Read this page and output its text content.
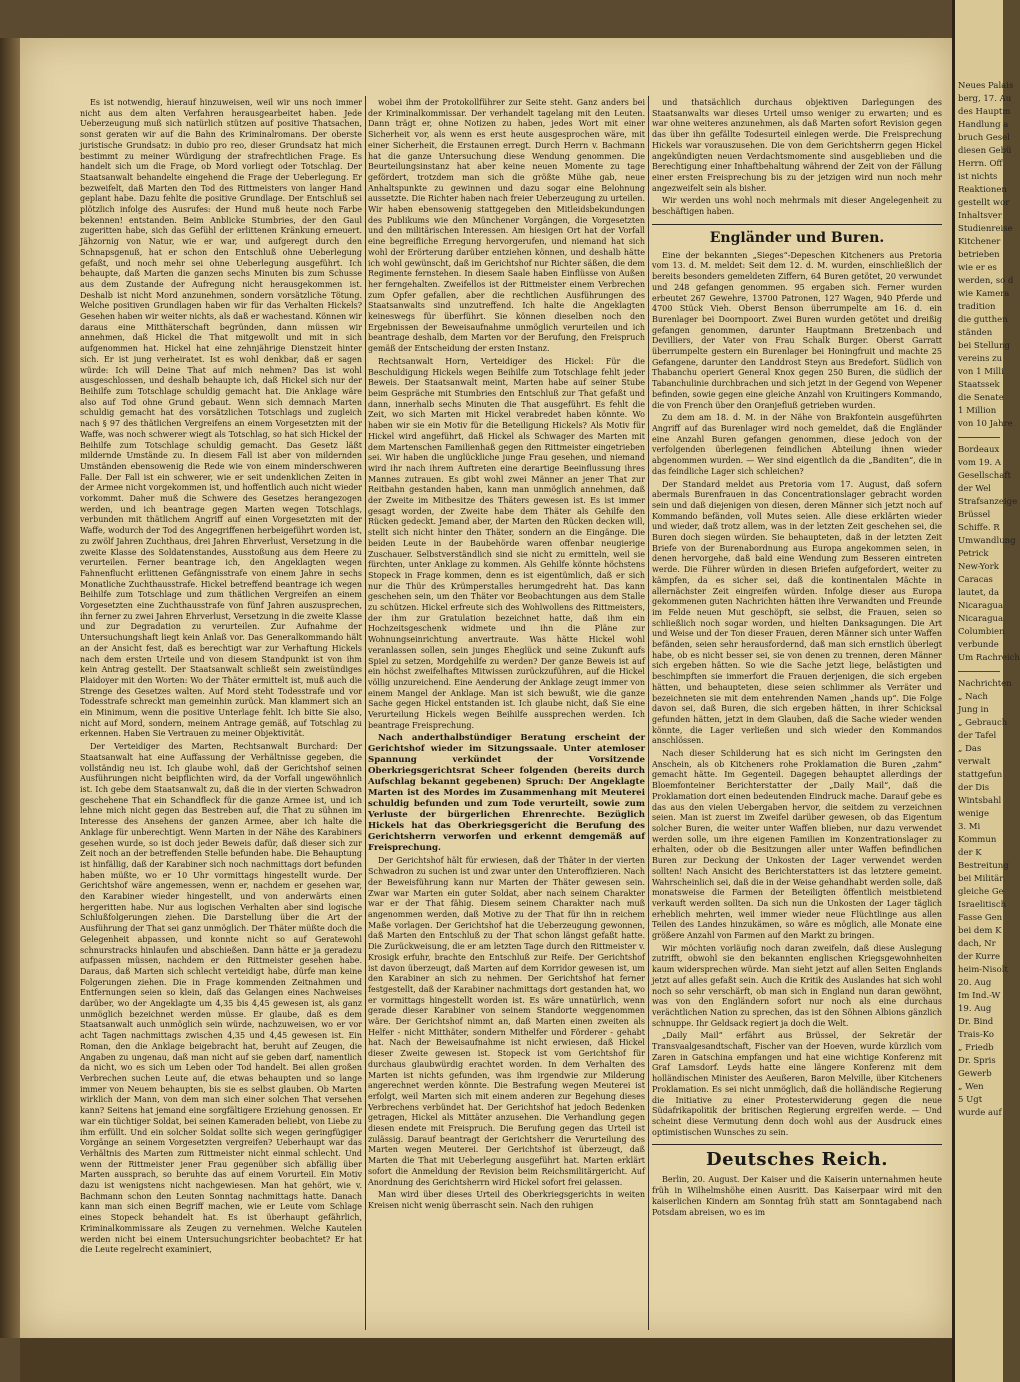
Es ist notwendig, hierauf hinzuweisen, weil wir uns noch immer nicht aus dem alten Verfahren herausgearbeitet haben. Jede Ueberzeugung muß sich natürlich stützen auf positive Thatsachen, sonst geraten wir auf die Bahn des Kriminalromans. Der oberste juristische Grundsatz: in dubio pro reo, dieser Grundsatz hat mich bestimmt zu meiner Würdigung der strafrechtlichen Frage. Es handelt sich um die Frage, ob Mord vorliegt oder Totschlag. Der Staatsanwalt behandelte eingehend die Frage der Ueberlegung. Er bezweifelt, daß Marten den Tod des Rittmeisters von langer Hand geplant habe. Dazu fehlte die positive Grundlage. Der Entschluß sei plötzlich infolge des Ausrufes: der Hund muß heute noch Farbe bekennen! entstanden. Beim Anblicke Stumbries, der den Gaul zugeritten habe, sich das Gefühl der erlittenen Kränkung erneuert. Jähzornig von Natur, wie er war, und aufgeregt durch den Schnapsgenuß, hat er schon den Entschluß ohne Ueberlegung gefaßt, und noch mehr sei ohne Ueberlegung ausgeführt. Ich behaupte, daß Marten die ganzen sechs Minuten bis zum Schusse aus dem Zustande der Aufregung nicht herausgekommen ist. Deshalb ist nicht Mord anzunehmen, sondern vorsätzliche Tötung. Welche positiven Grundlagen haben wir für das Verhalten Hickels? Gesehen haben wir weiter nichts, als daß er wachestand. Können wir daraus eine Mitthäterschaft begründen, dann müssen wir annehmen, daß Hickel die That mitgewollt und mit in sich aufgenommen hat. Hickel hat eine zehnjährige Dienstzeit hinter sich. Er ist jung verheiratet. Ist es wohl denkbar, daß er sagen würde: Ich will Deine That auf mich nehmen? Das ist wohl ausgeschlossen, und deshalb behaupte ich, daß Hickel sich nur der Beihilfe zum Totschlage schuldig gemacht hat. Die Anklage wäre also auf Tod ohne Grund gebaut. Wenn sich demnach Marten schuldig gemacht hat des vorsätzlichen Totschlags und zugleich nach § 97 des thätlichen Vergreifens an einem Vorgesetzten mit der Waffe, was noch schwerer wiegt als Totschlag, so hat sich Hickel der Beihilfe zum Totschlage schuldig gemacht. Das Gesetz läßt mildernde Umstände zu. In diesem Fall ist aber von mildernden Umständen ebensowenig die Rede wie von einem minderschweren Falle. Der Fall ist ein schwerer, wie er seit undenklichen Zeiten in der Armee nicht vorgekommen ist, und hoffentlich auch nicht wieder vorkommt. Daher muß die Schwere des Gesetzes herangezogen werden, und ich beantrage gegen Marten wegen Totschlags, verbunden mit thätlichem Angriff auf einen Vorgesetzten mit der Waffe, wodurch der Tod des Angegriffenen herbeigeführt worden ist, zu zwölf Jahren Zuchthaus, drei Jahren Ehrverlust, Versetzung in die zweite Klasse des Soldatenstandes, Ausstoßung aus dem Heere zu verurteilen. Ferner beantrage ich, den Angeklagten wegen Fahnenflucht erlittenen Gefängnisstrafe von einem Jahre in sechs Monatliche Zuchthausstrafe. Hickel betreffend beantrage ich wegen Beihilfe zum Totschlage und zum thätlichen Vergreifen an einem Vorgesetzten eine Zuchthausstrafe von fünf Jahren auszusprechen, ihn ferner zu zwei Jahren Ehrverlust, Versetzung in die zweite Klasse und zur Degradation zu verurteilen. Zur Aufnahme der Untersuchungshaft liegt kein Anlaß vor. Das Generalkommando hält an der Ansicht fest, daß es berechtigt war zur Verhaftung Hickels nach dem ersten Urteile und von diesem Standpunkt ist von ihm kein Antrag gestellt. Der Staatsanwalt schließt sein zweistündiges Plaidoyer mit den Worten: Wo der Thäter ermittelt ist, muß auch die Strenge des Gesetzes walten. Auf Mord steht Todesstrafe und vor Todesstrafe schreckt man gemeinhin zurück. Man klammert sich an ein Minimum, wenn die positive Unterlage fehlt. Ich bitte Sie also, nicht auf Mord, sondern, meinem Antrage gemäß, auf Totschlag zu erkennen. Haben Sie Vertrauen zu meiner Objektivität.

Der Verteidiger des Marten, Rechtsanwalt Burchard: Der Staatsanwalt hat eine Auffassung der Verhältnisse gegeben, die vollständig neu ist. Ich glaube wohl, daß der Gerichtshof seinen Ausführungen nicht beipflichten wird, da der Vorfall ungewöhnlich ist. Ich gebe dem Staatsanwalt zu, daß die in der vierten Schwadron geschehene That ein Schandfleck für die ganze Armee ist, und ich lehne mich nicht gegen das Bestreben auf, die That zu sühnen im Interesse des Ansehens der ganzen Armee, aber ich halte die Anklage für unberechtigt. Wenn Marten in der Nähe des Karabiners gesehen wurde, so ist doch jeder Beweis dafür, daß dieser sich zur Zeit noch an der betreffenden Stelle befunden habe. Die Behauptung ist hinfällig, daß der Karabiner sich noch nachmittags dort befunden haben müßte, wo er 10 Uhr vormittags hingestellt wurde. Der Gerichtshof wäre angemessen, wenn er, nachdem er gesehen war, den Karabiner wieder hingestellt, und von anderwärts einen hergeritten habe. Nur aus logischen Verhalten aber sind logische Schlußfolgerungen ziehen. Die Darstellung über die Art der Ausführung der That sei ganz unmöglich. Der Thäter müßte doch die Gelegenheit abpassen, und konnte nicht so auf Geratewohl schnurstracks hinlaufen und abschießen. Dann hätte er ja geradezu aufpassen müssen, nachdem er den Rittmeister gesehen habe. Daraus, daß Marten sich schlecht verteidigt habe, dürfe man keine Folgerungen ziehen. Die in Frage kommenden Zeitnahmen und Entfernungen seien so klein, daß das Gelangen eines Nachweises darüber, wo der Angeklagte um 4,35 bis 4,45 gewesen ist, als ganz unmöglich bezeichnet werden müsse. Er glaube, daß es dem Staatsanwalt auch unmöglich sein würde, nachzuweisen, wo er vor acht Tagen nachmittags zwischen 4,35 und 4,45 gewesen ist. Ein Roman, den die Anklage beigebracht hat, beruht auf Zeugen, die Angaben zu ungenau, daß man nicht auf sie geben darf, namentlich da nicht, wo es sich um Leben oder Tod handelt. Bei allen großen Verbrechen suchen Leute auf, die etwas behaupten und so lange immer von Neuem behaupten, bis sie es selbst glauben. Ob Marten wirklich der Mann, von dem man sich einer solchen That versehen kann? Seitens hat jemand eine sorgfältigere Erziehung genossen. Er war ein tüchtiger Soldat, bei seinen Kameraden beliebt, von Liebe zu ihm erfüllt. Und ein solcher Soldat sollte sich wegen geringfügiger Vorgänge an seinem Vorgesetzten vergreifen? Ueberhaupt war das Verhältnis des Marten zum Rittmeister nicht einmal schlecht. Und wenn der Rittmeister jener Frau gegenüber sich abfällig über Marten aussprach, so beruhte das auf einem Vorurteil. Ein Motiv dazu ist wenigstens nicht nachgewiesen. Man hat gehört, wie v. Bachmann schon den Leuten Sonntag nachmittags hatte. Danach kann man sich einen Begriff machen, wie er Leute vom Schlage eines Stopeck behandelt hat. Es ist überhaupt gefährlich, Kriminalkommissare als Zeugen zu vernehmen. Welche Kautelen werden nicht bei einem Untersuchungsrichter beobachtet? Er hat die Leute regelrecht examiniert,

wobei ihm der Protokollführer zur Seite steht. Ganz anders bei der Kriminalkommissar. Der verhandelt tagelang mit den Leuten. Dann trägt er, ohne Notizen zu haben, jedes Wort mit einer Sicherheit vor, als wenn es erst heute ausgesprochen wäre, mit einer Sicherheit, die Erstaunen erregt. Durch Herrn v. Bachmann hat die ganze Untersuchung diese Wendung genommen. Die Beurteilungsinstanz hat aber keine neuen Momente zu tage gefördert, trotzdem man sich die größte Mühe gab, neue Anhaltspunkte zu gewinnen und dazu sogar eine Belohnung aussetzte. Die Richter haben nach freier Ueberzeugung zu urteilen. Wir haben ebensowenig stattgegeben den Mitleidsbekundungen des Publikums wie den Münchener Vorgängen, die Vorgesetzten und den militärischen Interessen. Am hiesigen Ort hat der Vorfall eine begreifliche Erregung hervorgerufen, und niemand hat sich wohl der Erörterung darüber entziehen können, und deshalb hätte ich wohl gewünscht, daß im Gerichtshof nur Richter säßen, die dem Regimente fernstehen. In diesem Saale haben Einflüsse von Außen her ferngehalten. Zweifellos ist der Rittmeister einem Verbrechen zum Opfer gefallen, aber die rechtlichen Ausführungen des Staatsanwalts sind unzutreffend. Ich halte die Angeklagten keineswegs für überführt. Sie können dieselben noch den Ergebnissen der Beweisaufnahme unmöglich verurteilen und ich beantrage deshalb, dem Marten vor der Berufung, den Freispruch gemäß der Entscheidung der ersten Instanz.

Rechtsanwalt Horn, Verteidiger des Hickel: Für die Beschuldigung Hickels wegen Beihilfe zum Totschlage fehlt jeder Beweis. Der Staatsanwalt meint, Marten habe auf seiner Stube beim Gespräche mit Stumbries den Entschluß zur That gefaßt und dann, innerhalb sechs Minuten die That ausgeführt. Es fehlt die Zeit, wo sich Marten mit Hickel verabredet haben könnte. Wo haben wir sie ein Motiv für die Beteiligung Hickels? Als Motiv für Hickel wird angeführt, daß Hickel als Schwager des Marten mit dem Martenschen Familienhaß gegen den Rittmeister eingetrieben sei. Wir haben die unglückliche junge Frau gesehen, und niemand wird ihr nach ihrem Auftreten eine derartige Beeinflussung ihres Mannes zutrauen. Es gibt wohl zwei Männer an jener That zur Reitbahn gestanden haben, kann man unmöglich annehmen, daß der Zweite im Mitbesitze des Thäters gewesen ist. Es ist immer gesagt worden, der Zweite habe dem Thäter als Gehilfe den Rücken gedeckt. Jemand aber, der Marten den Rücken decken will, stellt sich nicht hinter den Thäter, sondern an die Eingänge. Die beiden Leute in der Baubehörde waren offenbar neugierige Zuschauer. Selbstverständlich sind sie nicht zu ermitteln, weil sie fürchten, unter Anklage zu kommen. Als Gehilfe könnte höchstens Stopeck in Frage kommen, denn es ist eigentümlich, daß er sich nur die Thür des Krümperstalles herumgedreht hat. Das kann geschehen sein, um den Thäter vor Beobachtungen aus dem Stalle zu schützen. Hickel erfreute sich des Wohlwollens des Rittmeisters, der ihm zur Gratulation bezeichnet hatte, daß ihm ein Hochzeitsgeschenk widmete und ihn die Pläne zur Wohnungseinrichtung anvertraute. Was hätte Hickel wohl veranlassen sollen, sein junges Eheglück und seine Zukunft aufs Spiel zu setzen, Mordgehilfe zu werden? Der ganze Beweis ist auf ein höchst zweifelhaftes Mitwissen zurückzuführen, auf die Hickel völlig unzureichend. Eine Aenderung der Anklage zeugt immer von einem Mangel der Anklage. Man ist sich bewußt, wie die ganze Sache gegen Hickel entstanden ist. Ich glaube nicht, daß Sie eine Verurteilung Hickels wegen Beihilfe aussprechen werden. Ich beantrage Freisprechung.

Nach anderthalbstündiger Beratung erscheint der Gerichtshof wieder im Sitzungssaale. Unter atemloser Spannung verkündet der Vorsitzende Oberkriegsgerichtsrat Scheer folgenden (bereits durch Aufschlag bekannt gegebenen) Spruch: Der Angeklagte Marten ist des Mordes im Zusammenhang mit Meuterei schuldig befunden und zum Tode verurteilt, sowie zum Verluste der bürgerlichen Ehrenrechte. Bezüglich Hickels hat das Oberkriegsgericht die Berufung des Gerichtsherrn verworfen und erkennt demgemäß auf Freisprechung.

Der Gerichtshof hält für erwiesen, daß der Thäter in der vierten Schwadron zu suchen ist und zwar unter den Unteroffizieren. Nach der Beweisführung kann nur Marten der Thäter gewesen sein. Zwar war Marten ein guter Soldat, aber nach seinem Charakter war er der That fähig. Diesem seinem Charakter nach muß angenommen werden, daß Motive zu der That für ihn in reichem Maße vorlagen. Der Gerichtshof hat die Ueberzeugung gewonnen, daß Marten den Entschluß zu der That schon längst gefaßt hatte. Die Zurückweisung, die er am letzten Tage durch den Rittmeister v. Krosigk erfuhr, brachte den Entschluß zur Reife. Der Gerichtshof ist davon überzeugt, daß Marten auf dem Korridor gewesen ist, um den Karabiner an sich zu nehmen. Der Gerichtshof hat ferner festgestellt, daß der Karabiner nachmittags dort gestanden hat, wo er vormittags hingestellt worden ist. Es wäre unnatürlich, wenn gerade dieser Karabiner von seinem Standorte weggenommen wäre. Der Gerichtshof nimmt an, daß Marten einen zweiten als Helfer - nicht Mitthäter, sondern Mithelfer und Förderer - gehabt hat. Nach der Beweisaufnahme ist nicht erwiesen, daß Hickel dieser Zweite gewesen ist. Stopeck ist vom Gerichtshof für durchaus glaubwürdig erachtet worden. In dem Verhalten des Marten ist nichts gefunden, was ihm irgendwie zur Milderung angerechnet werden könnte. Die Bestrafung wegen Meuterei ist erfolgt, weil Marten sich mit einem anderen zur Begehung dieses Verbrechens verbündet hat. Der Gerichtshof hat jedoch Bedenken getragen, Hickel als Mittäter anzusehen. Die Verhandlung gegen diesen endete mit Freispruch. Die Berufung gegen das Urteil ist zulässig. Darauf beantragt der Gerichtsherr die Verurteilung des Marten wegen Meuterei. Der Gerichtshof ist überzeugt, daß Marten die That mit Ueberlegung ausgeführt hat. Marten erklärt sofort die Anmeldung der Revision beim Reichsmilitärgericht. Auf Anordnung des Gerichtsherrn wird Hickel sofort frei gelassen.

Man wird über dieses Urteil des Oberkriegsgerichts in weiten Kreisen nicht wenig überrascht sein. Nach den ruhigen

und thatsächlich durchaus objektiven Darlegungen des Staatsanwalts war dieses Urteil umso weniger zu erwarten; und es war ohne weiteres anzunehmen, als daß Marten sofort Revision gegen das über ihn gefällte Todesurteil einlegen werde. Die Freisprechung Hickels war vorauszusehen. Die von dem Gerichtsherrn gegen Hickel angekündigten neuen Verdachtsmomente sind ausgeblieben und die Berechtigung einer Inhaftbehaltung während der Zeit von der Fällung einer ersten Freisprechung bis zu der jetzigen wird nun noch mehr angezweifelt sein als bisher.

Wir werden uns wohl noch mehrmals mit dieser Angelegenheit zu beschäftigen haben.

Engländer und Buren.

Eine der bekannten „Sieges“-Depeschen Kitcheners aus Pretoria vom 13. d. M. meldet: Seit dem 12. d. M. wurden, einschließlich der bereits besonders gemeldeten Ziffern, 64 Buren getötet, 20 verwundet und 248 gefangen genommen. 95 ergaben sich. Ferner wurden erbeutet 267 Gewehre, 13700 Patronen, 127 Wagen, 940 Pferde und 4700 Stück Vieh. Oberst Benson überrumpelte am 16. d. ein Burenlager bei Doornpoort. Zwei Buren wurden getötet und dreißig gefangen genommen, darunter Hauptmann Bretzenbach und Devilliers, der Vater von Frau Schalk Burger. Oberst Garratt überrumpelte gestern ein Burenlager bei Honingfruit und machte 25 Gefangene, darunter den Landdrost Steyn aus Bredefort. Südlich von Thabanchu operiert General Knox gegen 250 Buren, die südlich der Tabanchulinie durchbrachen und sich jetzt in der Gegend von Wepener befinden, sowie gegen eine gleiche Anzahl von Kruitingers Kommando, die von French über den Oranjefluß getrieben wurden.

Zu dem am 18. d. M. in der Nähe von Brakfontein ausgeführten Angriff auf das Burenlager wird noch gemeldet, daß die Engländer eine Anzahl Buren gefangen genommen, diese jedoch von der verfolgenden überlegenen feindlichen Abteilung ihnen wieder abgenommen wurden. — Wer sind eigentlich da die „Banditen“, die in das feindliche Lager sich schleichen?

Der Standard meldet aus Pretoria vom 17. August, daß sofern abermals Burenfrauen in das Concentrationslager gebracht worden sein und daß diejenigen von diesen, deren Männer sich jetzt noch auf Kommando befänden, voll Mutes seien. Alle diese erklärten wieder und wieder, daß trotz allem, was in der letzten Zeit geschehen sei, die Buren doch siegen würden. Sie behaupteten, daß in der letzten Zeit Briefe von der Burenabordnung aus Europa angekommen seien, in denen hervorgehe, daß bald eine Wendung zum Besseren eintreten werde. Die Führer würden in diesen Briefen aufgefordert, weiter zu kämpfen, da es sicher sei, daß die kontinentalen Mächte in allernächster Zeit eingreifen würden. Infolge dieser aus Europa gekommenen guten Nachrichten hätten ihre Verwandten und Freunde im Felde neuen Mut geschöpft, sie selbst, die Frauen, seien so schließlich noch sogar worden, und hielten Danksagungen. Die Art und Weise und der Ton dieser Frauen, deren Männer sich unter Waffen befänden, seien sehr herausfordernd, daß man sich ernstlich überlegt habe, ob es nicht besser sei, sie von denen zu trennen, deren Männer sich ergeben hätten. So wie die Sache jetzt liege, belästigten und beschimpften sie immerfort die Frauen derjenigen, die sich ergeben hätten, und behaupteten, diese seien schlimmer als Verräter und bezeichneten sie mit dem entehrenden Namen „hands up“. Die Folge davon sei, daß Buren, die sich ergeben hätten, in ihrer Schicksal gefunden hätten, jetzt in dem Glauben, daß die Sache wieder wenden könnte, die Lager verließen und sich wieder den Kommandos anschlössen.

Nach dieser Schilderung hat es sich nicht im Geringsten den Anschein, als ob Kitcheners rohe Proklamation die Buren „zahm“ gemacht hätte. Im Gegenteil. Dagegen behauptet allerdings der Bloemfonteiner Berichterstatter der „Daily Mail“, daß die Proklamation dort einen bedeutenden Eindruck mache. Darauf gebe es das aus den vielen Uebergaben hervor, die seitdem zu verzeichnen seien. Man ist zuerst im Zweifel darüber gewesen, ob das Eigentum solcher Buren, die weiter unter Waffen blieben, nur dazu verwendet werden solle, um ihre eigenen Familien im Konzentrationslager zu erhalten, oder ob die Besitzungen aller unter Waffen befindlichen Buren zur Deckung der Unkosten der Lager verwendet werden sollten! Nach Ansicht des Berichterstatters ist das letztere gemeint. Wahrscheinlich sei, daß die in der Weise gehandhabt werden solle, daß monatsweise die Farmen der Beteiligten öffentlich meistbietend verkauft werden sollten. Da sich nun die Unkosten der Lager täglich erheblich mehrten, weil immer wieder neue Flüchtlinge aus allen Teilen des Landes hinzukämen, so wäre es möglich, alle Monate eine größere Anzahl von Farmen auf den Markt zu bringen.

Wir möchten vorläufig noch daran zweifeln, daß diese Auslegung zutrifft, obwohl sie den bekannten englischen Kriegsgewohnheiten kaum widersprechen würde. Man sieht jetzt auf allen Seiten Englands jetzt auf alles gefaßt sein. Auch die Kritik des Auslandes hat sich wohl noch so sehr verschärft, ob man sich in England nun daran gewöhnt, was von den Engländern sofort nur noch als eine durchaus verächtlichen Nation zu sprechen, das ist den Söhnen Albions gänzlich schnuppe. Ihr Geldsack regiert ja doch die Welt.

„Daily Mail“ erfährt aus Brüssel, der Sekretär der Transvaalgesandtschaft, Fischer van der Hoeven, wurde kürzlich vom Zaren in Gatschina empfangen und hat eine wichtige Konferenz mit Graf Lamsdorf. Leyds hatte eine längere Konferenz mit dem holländischen Minister des Aeußeren, Baron Melville, über Kitcheners Proklamation. Es sei nicht unmöglich, daß die holländische Regierung die Initiative zu einer Protesterwiderung gegen die neue Südafrikapolitik der britischen Regierung ergreifen werde. — Und scheint diese Vermutung denn doch wohl aus der Ausdruck eines optimistischen Wunsches zu sein.

Deutsches Reich.

Berlin, 20. August. Der Kaiser und die Kaiserin unternahmen heute früh in Wilhelmshöhe einen Ausritt. Das Kaiserpaar wird mit den kaiserlichen Kindern am Sonntag früh statt am Sonntagabend nach Potsdam abreisen, wo es im

Neues Palais
berg, 17. Au
des Hauptm
Handlung a
bruch Gesel
diesen Gebü
Herrn. Off
ist nichts
Reaktionen
gestellt wor
Inhaltsver
Studienreise
Kitchener
betrieben
wie er es
werden, so d
wie Kamera
tradition
die gutthen
ständen
bei Stellung
vereins zu
von 1 Milli
Staatssek
die Senate
1 Million
von 10 Jahre
Bordeaux
vom 19. A
Gesellschaft
der Wel
Strafsanzeige
Brüssel
Schiffe. R
Umwandlung
Petrick
New-York
Caracas
lautet, da
Nicaragua
Nicaragua
Columbien
verbunde
Um Rachreich
Nachrichten
„ Nach
Jung in
„ Gebrauch
der Tafel
„ Das
verwalt
stattgefun
der Dis
Wintsbahl
wenige
3. Mi
Kommun
der K
Bestreitung
bei Militär
gleiche Ge
Israelitisch
Fasse Gen
bei dem K
dach, Nr
der Kurre
heim-Nisolt
20. Aug
Im Ind.-W
19. Aug
Dr. Bind
Trais-Ko
„ Friedb
Dr. Spris
Gewerb
„ Wen
5 Ugt
wurde auf
